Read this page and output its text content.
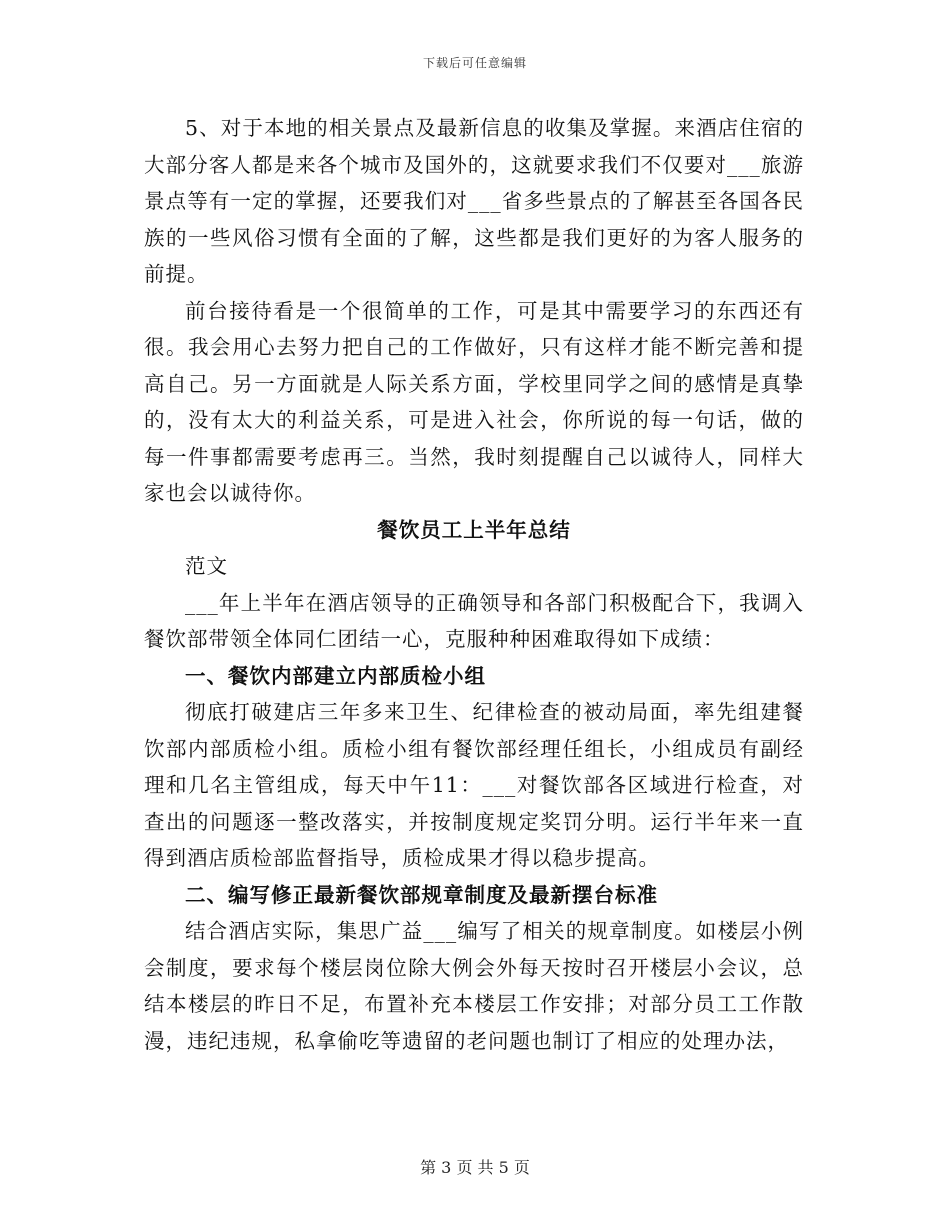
下载后可任意编辑

5、对于本地的相关景点及最新信息的收集及掌握。来酒店住宿的大部分客人都是来各个城市及国外的，这就要求我们不仅要对___旅游景点等有一定的掌握，还要我们对___省多些景点的了解甚至各国各民族的一些风俗习惯有全面的了解，这些都是我们更好的为客人服务的前提。

前台接待看是一个很简单的工作，可是其中需要学习的东西还有很。我会用心去努力把自己的工作做好，只有这样才能不断完善和提高自己。另一方面就是人际关系方面，学校里同学之间的感情是真挚的，没有太大的利益关系，可是进入社会，你所说的每一句话，做的每一件事都需要考虑再三。当然，我时刻提醒自己以诚待人，同样大家也会以诚待你。

餐饮员工上半年总结

范文

___年上半年在酒店领导的正确领导和各部门积极配合下，我调入餐饮部带领全体同仁团结一心，克服种种困难取得如下成绩：

一、餐饮内部建立内部质检小组

彻底打破建店三年多来卫生、纪律检查的被动局面，率先组建餐饮部内部质检小组。质检小组有餐饮部经理任组长，小组成员有副经理和几名主管组成，每天中午11：___对餐饮部各区域进行检查，对查出的问题逐一整改落实，并按制度规定奖罚分明。运行半年来一直得到酒店质检部监督指导，质检成果才得以稳步提高。

二、编写修正最新餐饮部规章制度及最新摆台标准

结合酒店实际，集思广益___编写了相关的规章制度。如楼层小例会制度，要求每个楼层岗位除大例会外每天按时召开楼层小会议，总结本楼层的昨日不足，布置补充本楼层工作安排；对部分员工工作散漫，违纪违规，私拿偷吃等遗留的老问题也制订了相应的处理办法，

第 3 页 共 5 页
